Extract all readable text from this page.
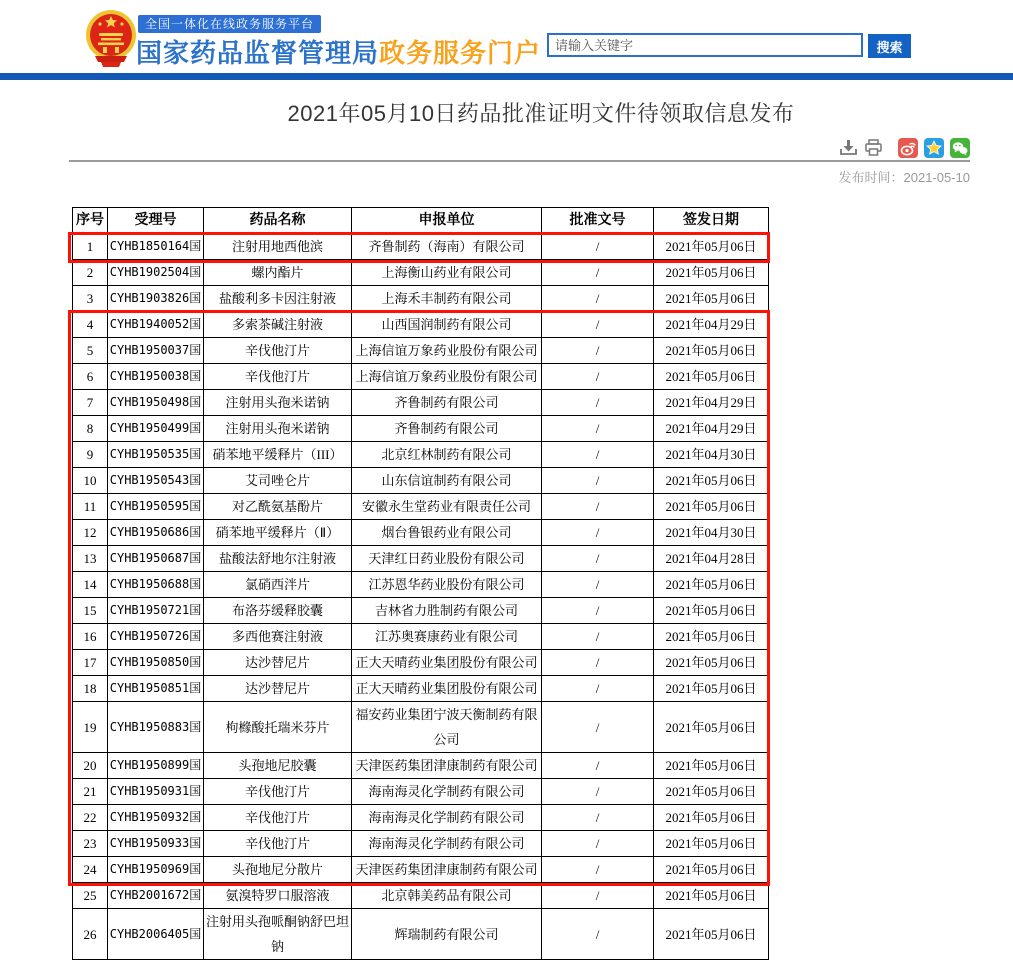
全国一体化在线政务服务平台
国家药品监督管理局政务服务门户
请输入关键字	搜索
2021年05月10日药品批准证明文件待领取信息发布
发布时间：2021-05-10
序号	受理号	药品名称	申报单位	批准文号	签发日期
1	CYHB1850164国	注射用地西他滨	齐鲁制药（海南）有限公司	/	2021年05月06日
2	CYHB1902504国	螺内酯片	上海衡山药业有限公司	/	2021年05月06日
3	CYHB1903826国	盐酸利多卡因注射液	上海禾丰制药有限公司	/	2021年05月06日
4	CYHB1940052国	多索茶碱注射液	山西国润制药有限公司	/	2021年04月29日
5	CYHB1950037国	辛伐他汀片	上海信谊万象药业股份有限公司	/	2021年05月06日
6	CYHB1950038国	辛伐他汀片	上海信谊万象药业股份有限公司	/	2021年05月06日
7	CYHB1950498国	注射用头孢米诺钠	齐鲁制药有限公司	/	2021年04月29日
8	CYHB1950499国	注射用头孢米诺钠	齐鲁制药有限公司	/	2021年04月29日
9	CYHB1950535国	硝苯地平缓释片（III）	北京红林制药有限公司	/	2021年04月30日
10	CYHB1950543国	艾司唑仑片	山东信谊制药有限公司	/	2021年05月06日
11	CYHB1950595国	对乙酰氨基酚片	安徽永生堂药业有限责任公司	/	2021年05月06日
12	CYHB1950686国	硝苯地平缓释片（Ⅱ）	烟台鲁银药业有限公司	/	2021年04月30日
13	CYHB1950687国	盐酸法舒地尔注射液	天津红日药业股份有限公司	/	2021年04月28日
14	CYHB1950688国	氯硝西泮片	江苏恩华药业股份有限公司	/	2021年05月06日
15	CYHB1950721国	布洛芬缓释胶囊	吉林省力胜制药有限公司	/	2021年05月06日
16	CYHB1950726国	多西他赛注射液	江苏奥赛康药业有限公司	/	2021年05月06日
17	CYHB1950850国	达沙替尼片	正大天晴药业集团股份有限公司	/	2021年05月06日
18	CYHB1950851国	达沙替尼片	正大天晴药业集团股份有限公司	/	2021年05月06日
19	CYHB1950883国	枸橼酸托瑞米芬片	福安药业集团宁波天衡制药有限公司	/	2021年05月06日
20	CYHB1950899国	头孢地尼胶囊	天津医药集团津康制药有限公司	/	2021年05月06日
21	CYHB1950931国	辛伐他汀片	海南海灵化学制药有限公司	/	2021年05月06日
22	CYHB1950932国	辛伐他汀片	海南海灵化学制药有限公司	/	2021年05月06日
23	CYHB1950933国	辛伐他汀片	海南海灵化学制药有限公司	/	2021年05月06日
24	CYHB1950969国	头孢地尼分散片	天津医药集团津康制药有限公司	/	2021年05月06日
25	CYHB2001672国	氨溴特罗口服溶液	北京韩美药品有限公司	/	2021年05月06日
26	CYHB2006405国	注射用头孢哌酮钠舒巴坦钠	辉瑞制药有限公司	/	2021年05月06日
